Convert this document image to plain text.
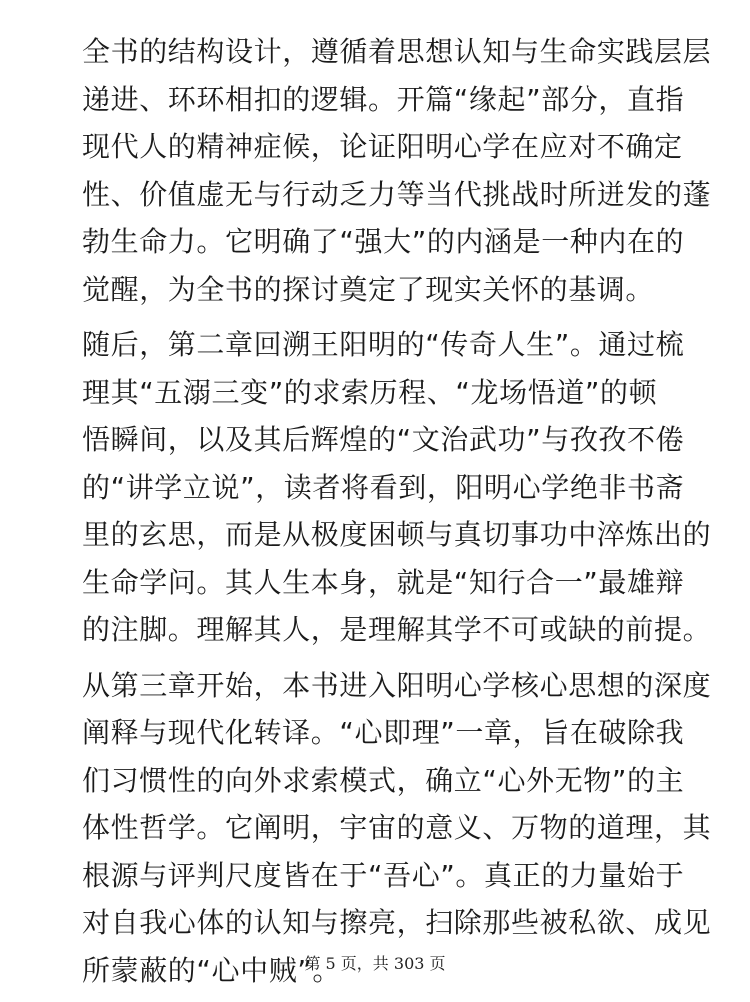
全书的结构设计，遵循着思想认知与生命实践层层
递进、环环相扣的逻辑。开篇“缘起”部分，直指
现代人的精神症候，论证阳明心学在应对不确定
性、价值虚无与行动乏力等当代挑战时所迸发的蓬
勃生命力。它明确了“强大”的内涵是一种内在的
觉醒，为全书的探讨奠定了现实关怀的基调。
随后，第二章回溯王阳明的“传奇人生”。通过梳
理其“五溺三变”的求索历程、“龙场悟道”的顿
悟瞬间，以及其后辉煌的“文治武功”与孜孜不倦
的“讲学立说”，读者将看到，阳明心学绝非书斋
里的玄思，而是从极度困顿与真切事功中淬炼出的
生命学问。其人生本身，就是“知行合一”最雄辩
的注脚。理解其人，是理解其学不可或缺的前提。
从第三章开始，本书进入阳明心学核心思想的深度
阐释与现代化转译。“心即理”一章，旨在破除我
们习惯性的向外求索模式，确立“心外无物”的主
体性哲学。它阐明，宇宙的意义、万物的道理，其
根源与评判尺度皆在于“吾心”。真正的力量始于
对自我心体的认知与擦亮，扫除那些被私欲、成见
所蒙蔽的“心中贼”。
第 5 页，共 303 页
